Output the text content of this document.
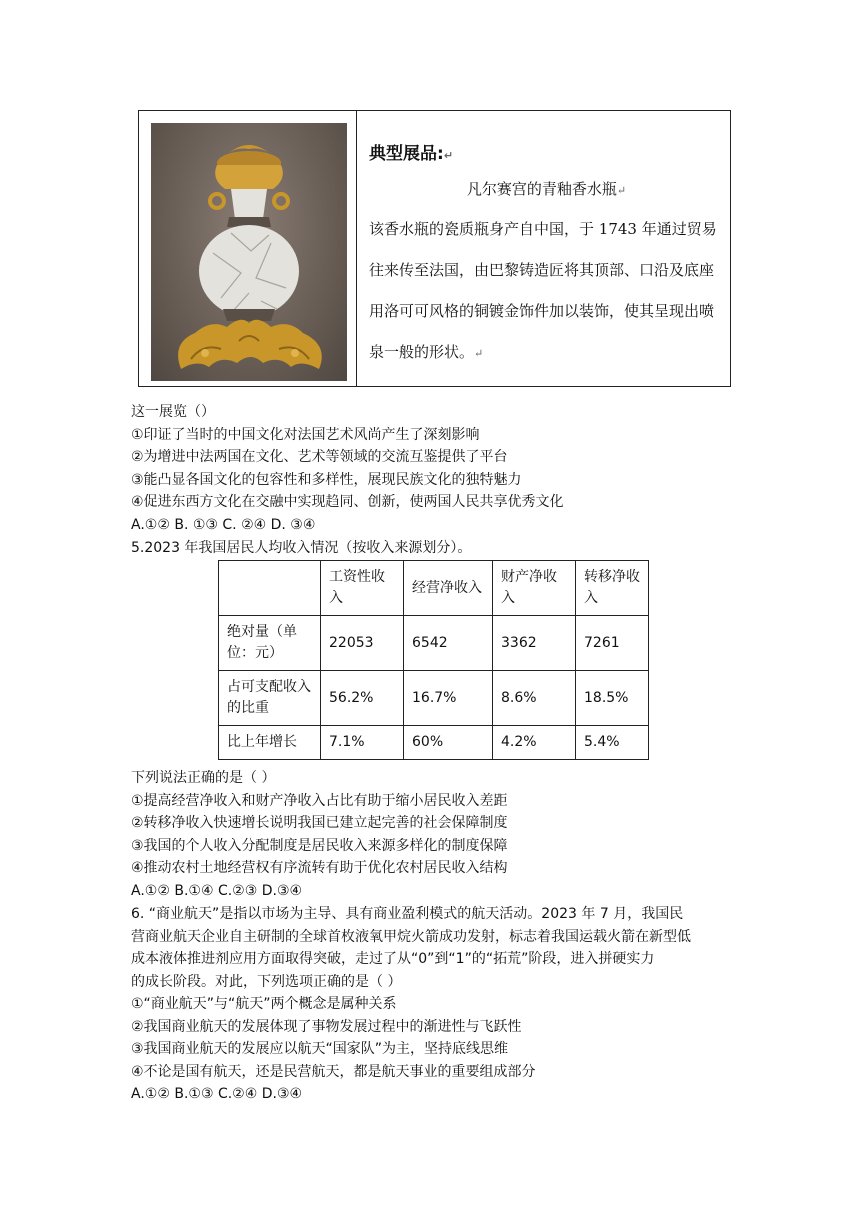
典型展品:↵
凡尔赛宫的青釉香水瓶↵
该香水瓶的瓷质瓶身产自中国，于 1743 年通过贸易往来传至法国，由巴黎铸造匠将其顶部、口沿及底座用洛可可风格的铜镀金饰件加以装饰，使其呈现出喷泉一般的形状。↵
这一展览（）
①印证了当时的中国文化对法国艺术风尚产生了深刻影响
②为增进中法两国在文化、艺术等领域的交流互鉴提供了平台
③能凸显各国文化的包容性和多样性，展现民族文化的独特魅力
④促进东西方文化在交融中实现趋同、创新，使两国人民共享优秀文化
A.①② B. ①③ C. ②④ D. ③④
5.2023 年我国居民人均收入情况（按收入来源划分）。
	工资性收入	经营净收入	财产净收入	转移净收入
绝对量（单位：元）	22053	6542	3362	7261
占可支配收入的比重	56.2%	16.7%	8.6%	18.5%
比上年增长	7.1%	60%	4.2%	5.4%
下列说法正确的是（ ）
①提高经营净收入和财产净收入占比有助于缩小居民收入差距
②转移净收入快速增长说明我国已建立起完善的社会保障制度
③我国的个人收入分配制度是居民收入来源多样化的制度保障
④推动农村土地经营权有序流转有助于优化农村居民收入结构
A.①② B.①④ C.②③ D.③④
6. “商业航天”是指以市场为主导、具有商业盈利模式的航天活动。2023 年 7 月，我国民
营商业航天企业自主研制的全球首枚液氧甲烷火箭成功发射，标志着我国运载火箭在新型低
成本液体推进剂应用方面取得突破，走过了从“0”到“1”的“拓荒”阶段，进入拼硬实力
的成长阶段。对此，下列选项正确的是（ ）
①“商业航天”与“航天”两个概念是属种关系
②我国商业航天的发展体现了事物发展过程中的渐进性与飞跃性
③我国商业航天的发展应以航天“国家队”为主，坚持底线思维
④不论是国有航天，还是民营航天，都是航天事业的重要组成部分
A.①② B.①③ C.②④ D.③④
